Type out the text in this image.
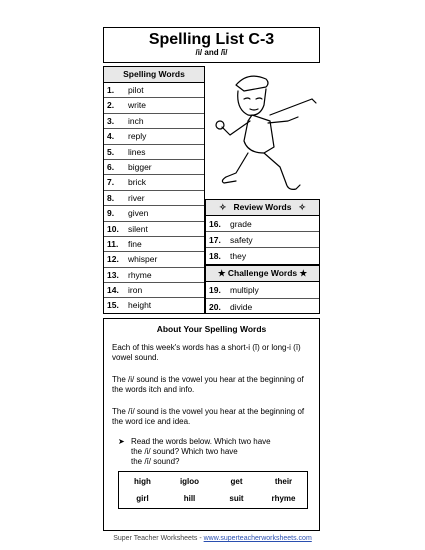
Spelling List C-3
/i/ and /ī/
Spelling Words
1. pilot
2. write
3. inch
4. reply
5. lines
6. bigger
7. brick
8. river
9. given
10. silent
11. fine
12. whisper
13. rhyme
14. iron
15. height
✧ Review Words ✧
16. grade
17. safety
18. they
★ Challenge Words ★
19. multiply
20. divide
About Your Spelling Words
Each of this week's words has a short-i (ĭ) or long-i (ī) vowel sound.
The /i/ sound is the vowel you hear at the beginning of the words itch and info.
The /ī/ sound is the vowel you hear at the beginning of the word ice and idea.
➤ Read the words below. Which two have
the /i/ sound? Which two have
the /ī/ sound?
high	igloo	get	their
girl	hill	suit	rhyme
Super Teacher Worksheets - www.superteacherworksheets.com
